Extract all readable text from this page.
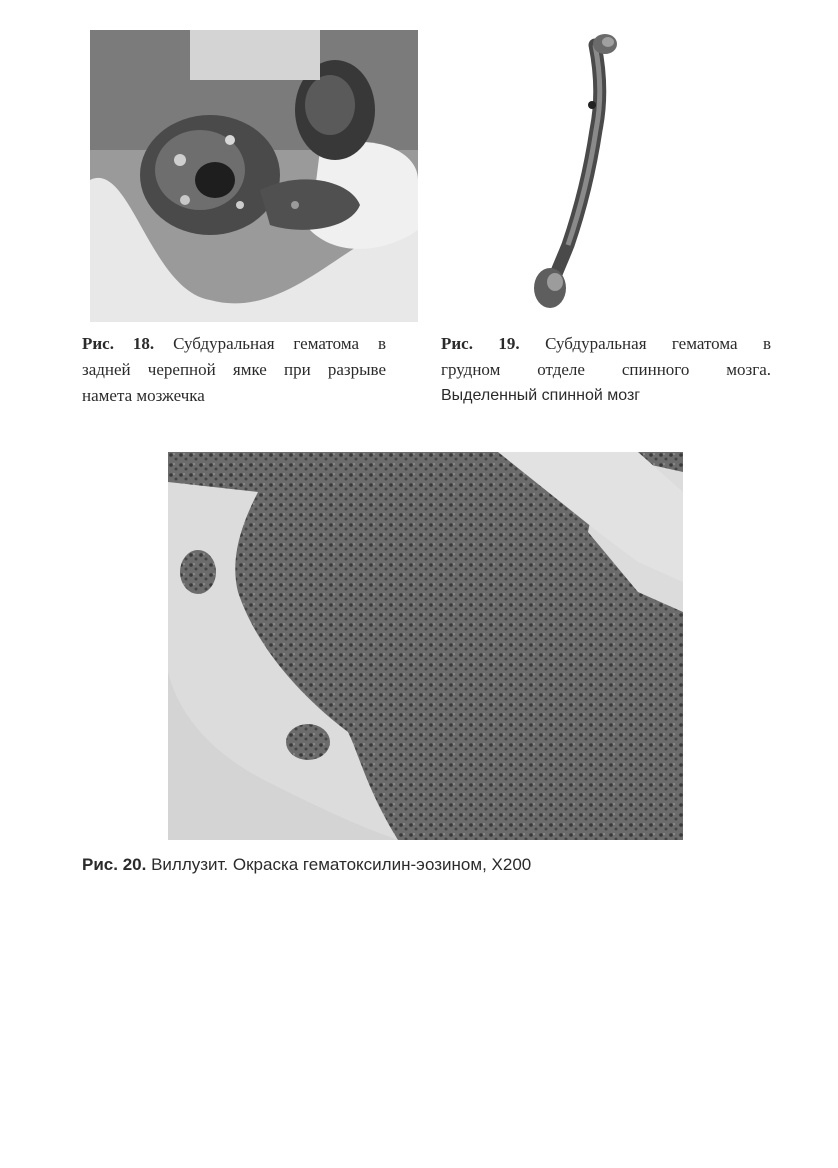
Рис. 18. Субдуральная гематома в
задней черепной ямке при разрыве
намета мозжечка
Рис. 19. Субдуральная гематома в
грудном отделе спинного мозга.
Выделенный спинной мозг
Рис. 20. Виллузит. Окраска гематоксилин-эозином, Х200
